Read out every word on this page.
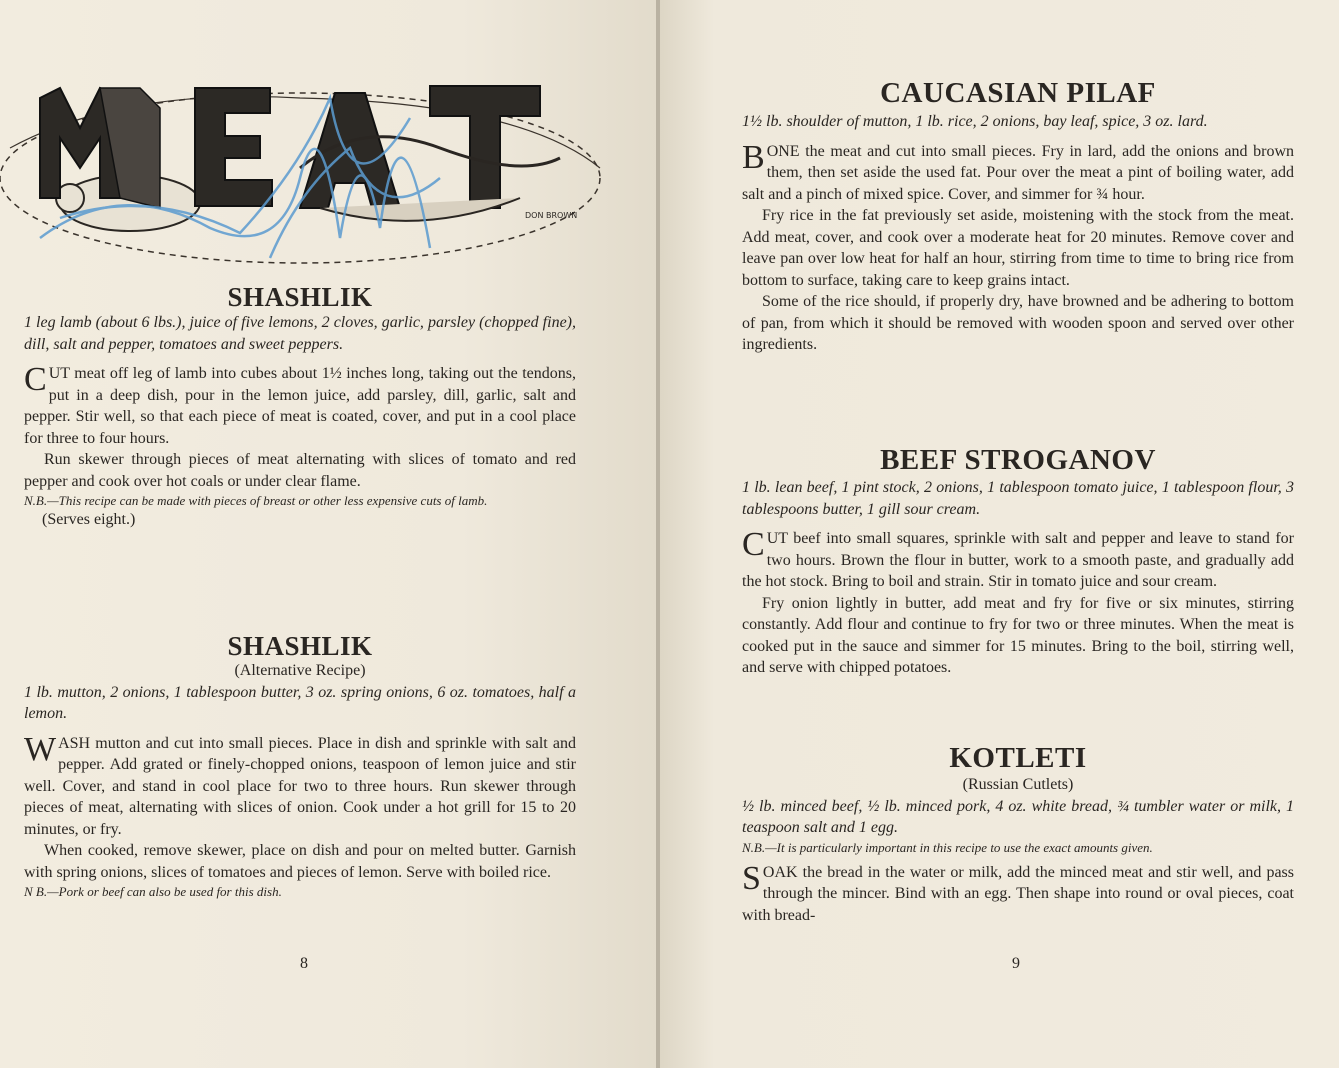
DON BROWN
SHASHLIK

1 leg lamb (about 6 lbs.), juice of five lemons, 2 cloves, garlic, parsley (chopped fine), dill, salt and pepper, tomatoes and sweet peppers.

CUT meat off leg of lamb into cubes about 1½ inches long, taking out the tendons, put in a deep dish, pour in the lemon juice, add parsley, dill, garlic, salt and pepper. Stir well, so that each piece of meat is coated, cover, and put in a cool place for three to four hours.

Run skewer through pieces of meat alternating with slices of tomato and red pepper and cook over hot coals or under clear flame.

N.B.—This recipe can be made with pieces of breast or other less expensive cuts of lamb.

(Serves eight.)

SHASHLIK

(Alternative Recipe)

1 lb. mutton, 2 onions, 1 tablespoon butter, 3 oz. spring onions, 6 oz. tomatoes, half a lemon.

WASH mutton and cut into small pieces. Place in dish and sprinkle with salt and pepper. Add grated or finely-chopped onions, teaspoon of lemon juice and stir well. Cover, and stand in cool place for two to three hours. Run skewer through pieces of meat, alternating with slices of onion. Cook under a hot grill for 15 to 20 minutes, or fry.

When cooked, remove skewer, place on dish and pour on melted butter. Garnish with spring onions, slices of tomatoes and pieces of lemon. Serve with boiled rice.

N B.—Pork or beef can also be used for this dish.

8
CAUCASIAN PILAF

1½ lb. shoulder of mutton, 1 lb. rice, 2 onions, bay leaf, spice, 3 oz. lard.

BONE the meat and cut into small pieces. Fry in lard, add the onions and brown them, then set aside the used fat. Pour over the meat a pint of boiling water, add salt and a pinch of mixed spice. Cover, and simmer for ¾ hour.

Fry rice in the fat previously set aside, moistening with the stock from the meat. Add meat, cover, and cook over a moderate heat for 20 minutes. Remove cover and leave pan over low heat for half an hour, stirring from time to time to bring rice from bottom to surface, taking care to keep grains intact.

Some of the rice should, if properly dry, have browned and be adhering to bottom of pan, from which it should be removed with wooden spoon and served over other ingredients.

BEEF STROGANOV

1 lb. lean beef, 1 pint stock, 2 onions, 1 tablespoon tomato juice, 1 tablespoon flour, 3 tablespoons butter, 1 gill sour cream.

CUT beef into small squares, sprinkle with salt and pepper and leave to stand for two hours. Brown the flour in butter, work to a smooth paste, and gradually add the hot stock. Bring to boil and strain. Stir in tomato juice and sour cream.

Fry onion lightly in butter, add meat and fry for five or six minutes, stirring constantly. Add flour and continue to fry for two or three minutes. When the meat is cooked put in the sauce and simmer for 15 minutes. Bring to the boil, stirring well, and serve with chipped potatoes.

KOTLETI

(Russian Cutlets)

½ lb. minced beef, ½ lb. minced pork, 4 oz. white bread, ¾ tumbler water or milk, 1 teaspoon salt and 1 egg.

N.B.—It is particularly important in this recipe to use the exact amounts given.

SOAK the bread in the water or milk, add the minced meat and stir well, and pass through the mincer. Bind with an egg. Then shape into round or oval pieces, coat with bread-

9
